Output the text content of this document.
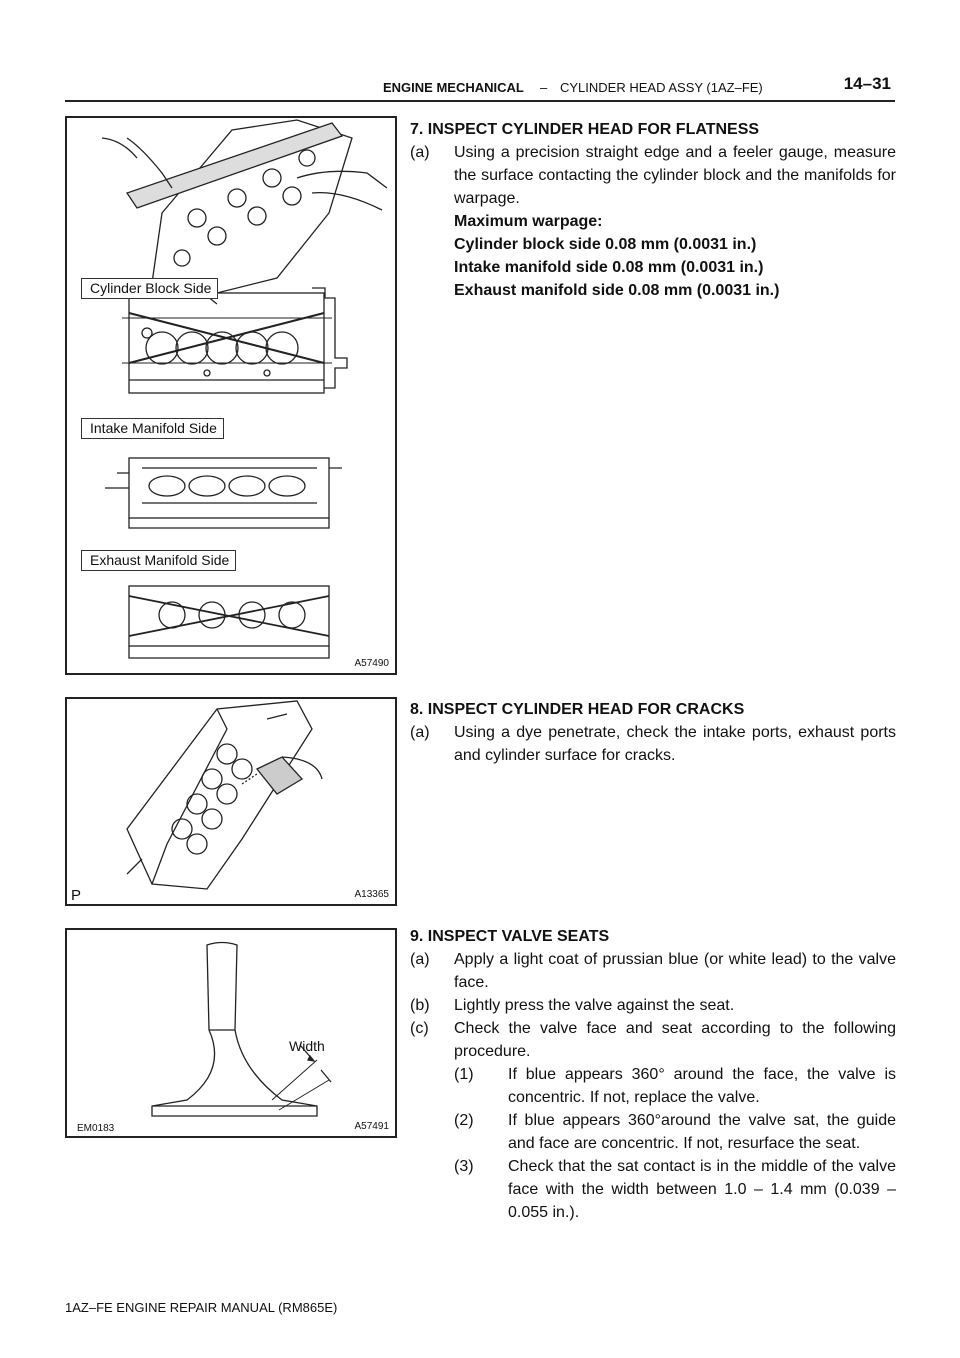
ENGINE MECHANICAL – CYLINDER HEAD ASSY (1AZ–FE)	14–31
Cylinder Block Side
Intake Manifold Side
Exhaust Manifold Side
A57490
P	A13365
Width
EM0183	A57491
7. INSPECT CYLINDER HEAD FOR FLATNESS
(a) Using a precision straight edge and a feeler gauge, measure the surface contacting the cylinder block and the manifolds for warpage.
Maximum warpage:
Cylinder block side 0.08 mm (0.0031 in.)
Intake manifold side 0.08 mm (0.0031 in.)
Exhaust manifold side 0.08 mm (0.0031 in.)
8. INSPECT CYLINDER HEAD FOR CRACKS
(a) Using a dye penetrate, check the intake ports, exhaust ports and cylinder surface for cracks.
9. INSPECT VALVE SEATS
(a) Apply a light coat of prussian blue (or white lead) to the valve face.
(b) Lightly press the valve against the seat.
(c) Check the valve face and seat according to the following procedure.
(1) If blue appears 360° around the face, the valve is concentric. If not, replace the valve.
(2) If blue appears 360°around the valve sat, the guide and face are concentric. If not, resurface the seat.
(3) Check that the sat contact is in the middle of the valve face with the width between 1.0 – 1.4 mm (0.039 – 0.055 in.).
1AZ–FE ENGINE REPAIR MANUAL (RM865E)
